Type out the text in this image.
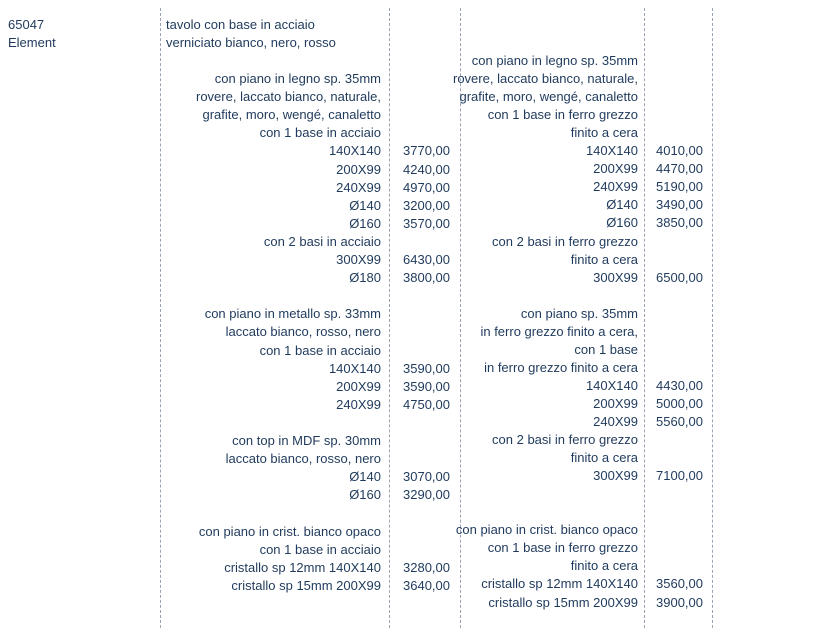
65047
Element
tavolo con base in acciaio
verniciato bianco, nero, rosso
con piano in legno sp. 35mm
rovere, laccato bianco, naturale,
grafite, moro, wengé, canaletto
con 1 base in acciaio
140X140 3770,00
200X99 4240,00
240X99 4970,00
Ø140 3200,00
Ø160 3570,00
con 2 basi in acciaio
300X99 6430,00
Ø180 3800,00
con piano in metallo sp. 33mm
laccato bianco, rosso, nero
con 1 base in acciaio
140X140 3590,00
200X99 3590,00
240X99 4750,00
con top in MDF sp. 30mm
laccato bianco, rosso, nero
Ø140 3070,00
Ø160 3290,00
con piano in crist. bianco opaco
con 1 base in acciaio
cristallo sp 12mm 140X140 3280,00
cristallo sp 15mm 200X99 3640,00
con piano in legno sp. 35mm
rovere, laccato bianco, naturale,
grafite, moro, wengé, canaletto
con 1 base in ferro grezzo
finito a cera
140X140 4010,00
200X99 4470,00
240X99 5190,00
Ø140 3490,00
Ø160 3850,00
con 2 basi in ferro grezzo
finito a cera
300X99 6500,00
con piano sp. 35mm
in ferro grezzo finito a cera,
con 1 base
in ferro grezzo finito a cera
140X140 4430,00
200X99 5000,00
240X99 5560,00
con 2 basi in ferro grezzo
finito a cera
300X99 7100,00
con piano in crist. bianco opaco
con 1 base in ferro grezzo
finito a cera
cristallo sp 12mm 140X140 3560,00
cristallo sp 15mm 200X99 3900,00
